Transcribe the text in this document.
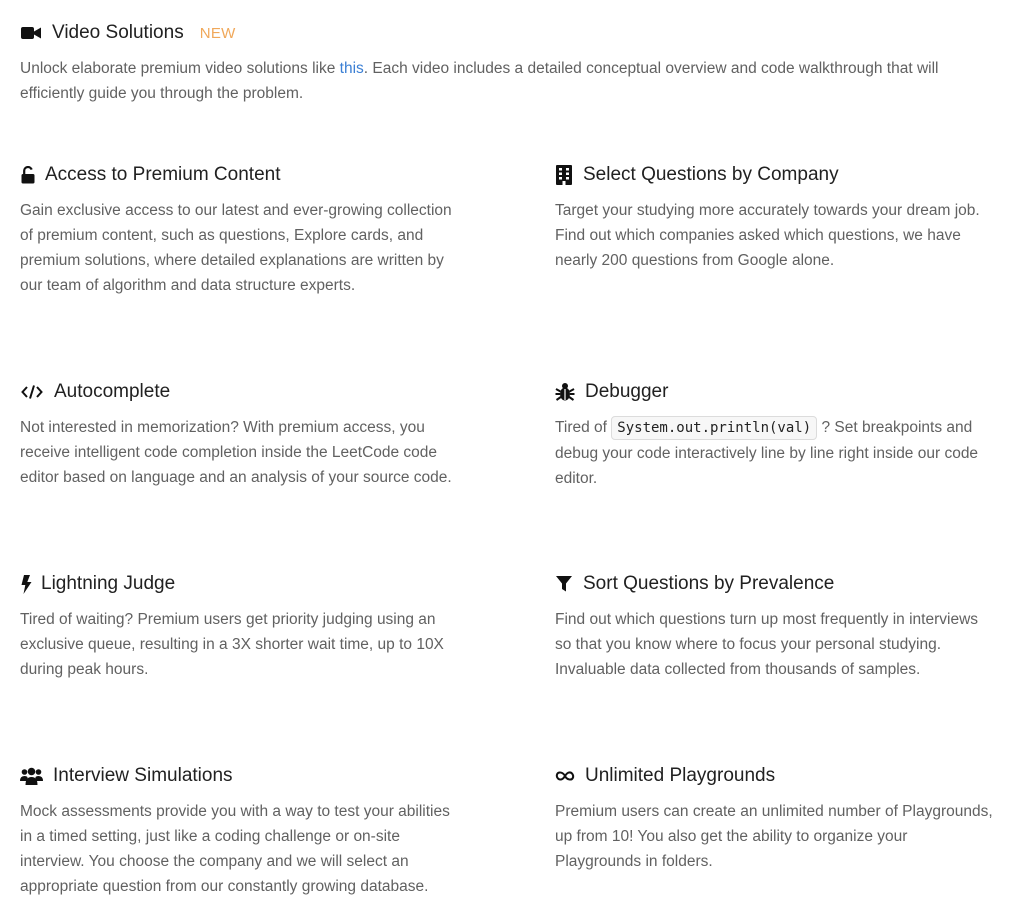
Video Solutions NEW
Unlock elaborate premium video solutions like this. Each video includes a detailed conceptual overview and code walkthrough that will efficiently guide you through the problem.
Access to Premium Content
Gain exclusive access to our latest and ever-growing collection of premium content, such as questions, Explore cards, and premium solutions, where detailed explanations are written by our team of algorithm and data structure experts.
Select Questions by Company
Target your studying more accurately towards your dream job. Find out which companies asked which questions, we have nearly 200 questions from Google alone.
Autocomplete
Not interested in memorization? With premium access, you receive intelligent code completion inside the LeetCode code editor based on language and an analysis of your source code.
Debugger
Tired of System.out.println(val) ? Set breakpoints and debug your code interactively line by line right inside our code editor.
Lightning Judge
Tired of waiting? Premium users get priority judging using an exclusive queue, resulting in a 3X shorter wait time, up to 10X during peak hours.
Sort Questions by Prevalence
Find out which questions turn up most frequently in interviews so that you know where to focus your personal studying. Invaluable data collected from thousands of samples.
Interview Simulations
Mock assessments provide you with a way to test your abilities in a timed setting, just like a coding challenge or on-site interview. You choose the company and we will select an appropriate question from our constantly growing database.
Unlimited Playgrounds
Premium users can create an unlimited number of Playgrounds, up from 10! You also get the ability to organize your Playgrounds in folders.
